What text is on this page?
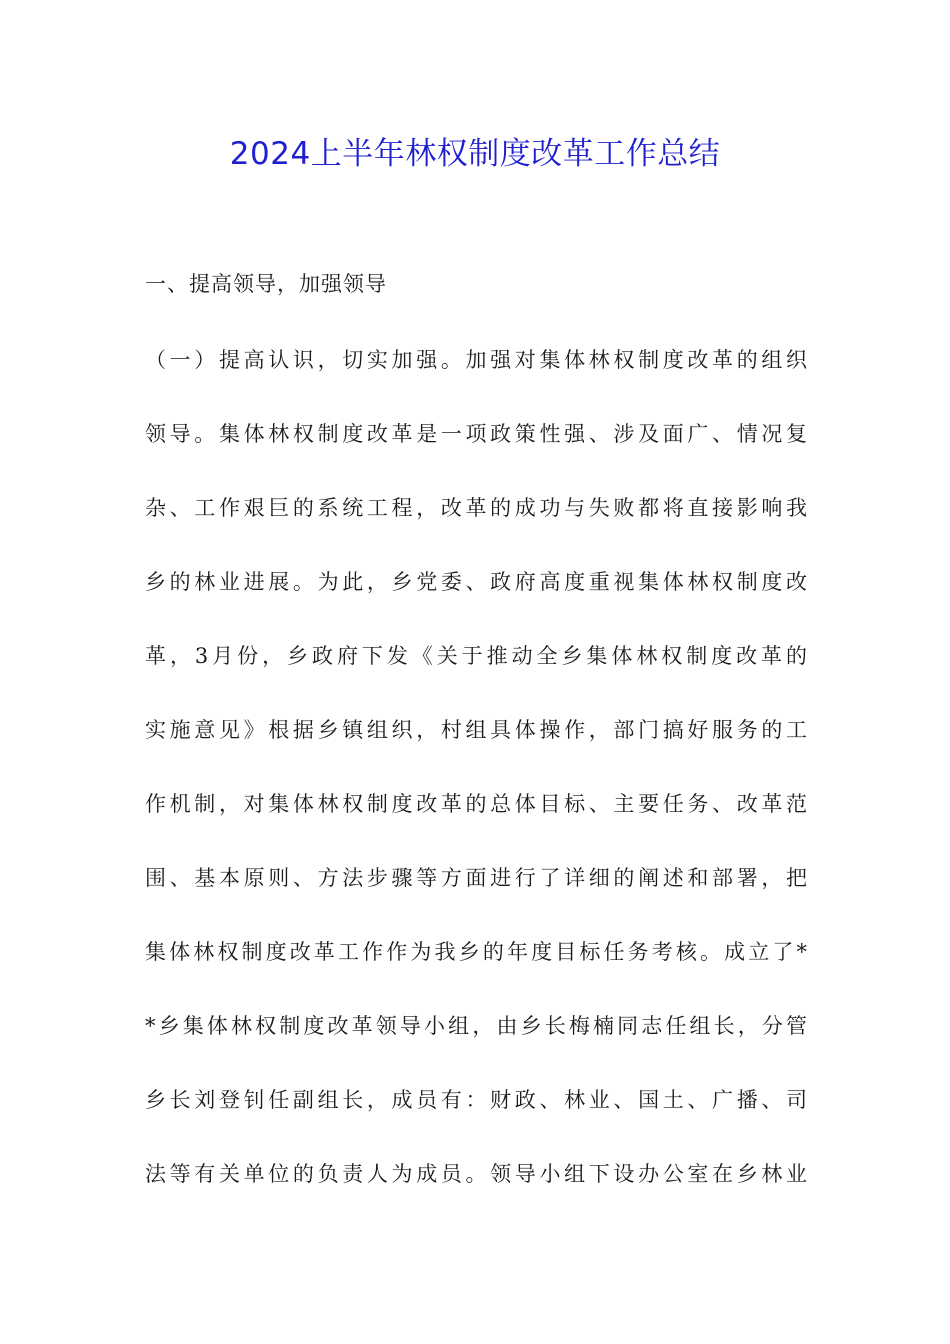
2024上半年林权制度改革工作总结
一、提高领导，加强领导
（一）提高认识，切实加强。加强对集体林权制度改革的组织
领导。集体林权制度改革是一项政策性强、涉及面广、情况复
杂、工作艰巨的系统工程，改革的成功与失败都将直接影响我
乡的林业进展。为此，乡党委、政府高度重视集体林权制度改
革，3月份，乡政府下发《关于推动全乡集体林权制度改革的
实施意见》根据乡镇组织，村组具体操作，部门搞好服务的工
作机制，对集体林权制度改革的总体目标、主要任务、改革范
围、基本原则、方法步骤等方面进行了详细的阐述和部署，把
集体林权制度改革工作作为我乡的年度目标任务考核。成立了*
*乡集体林权制度改革领导小组，由乡长梅楠同志任组长，分管
乡长刘登钊任副组长，成员有：财政、林业、国土、广播、司
法等有关单位的负责人为成员。领导小组下设办公室在乡林业
